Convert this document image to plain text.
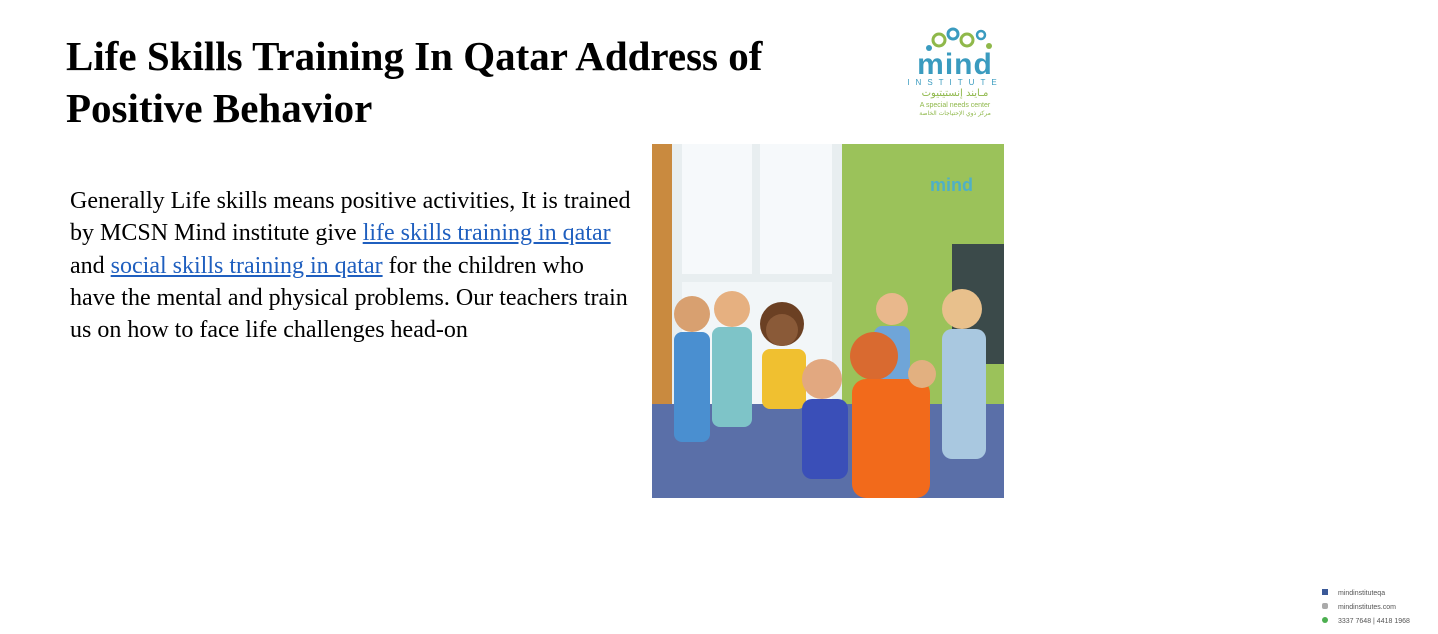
Life Skills Training In Qatar Address of Positive Behavior
mind
INSTITUTE
مـايند إنستيتيوت
A special needs center
مركز ذوي الإحتياجات الخاصة

Generally Life skills means positive activities, It is trained by MCSN Mind institute give life skills training in qatar and social skills training in qatar for the children who have the mental and physical problems. Our teachers train us on how to face life challenges head-on

mindinstituteqa
mindinstitutes.com
3337 7648 | 4418 1968
mind
